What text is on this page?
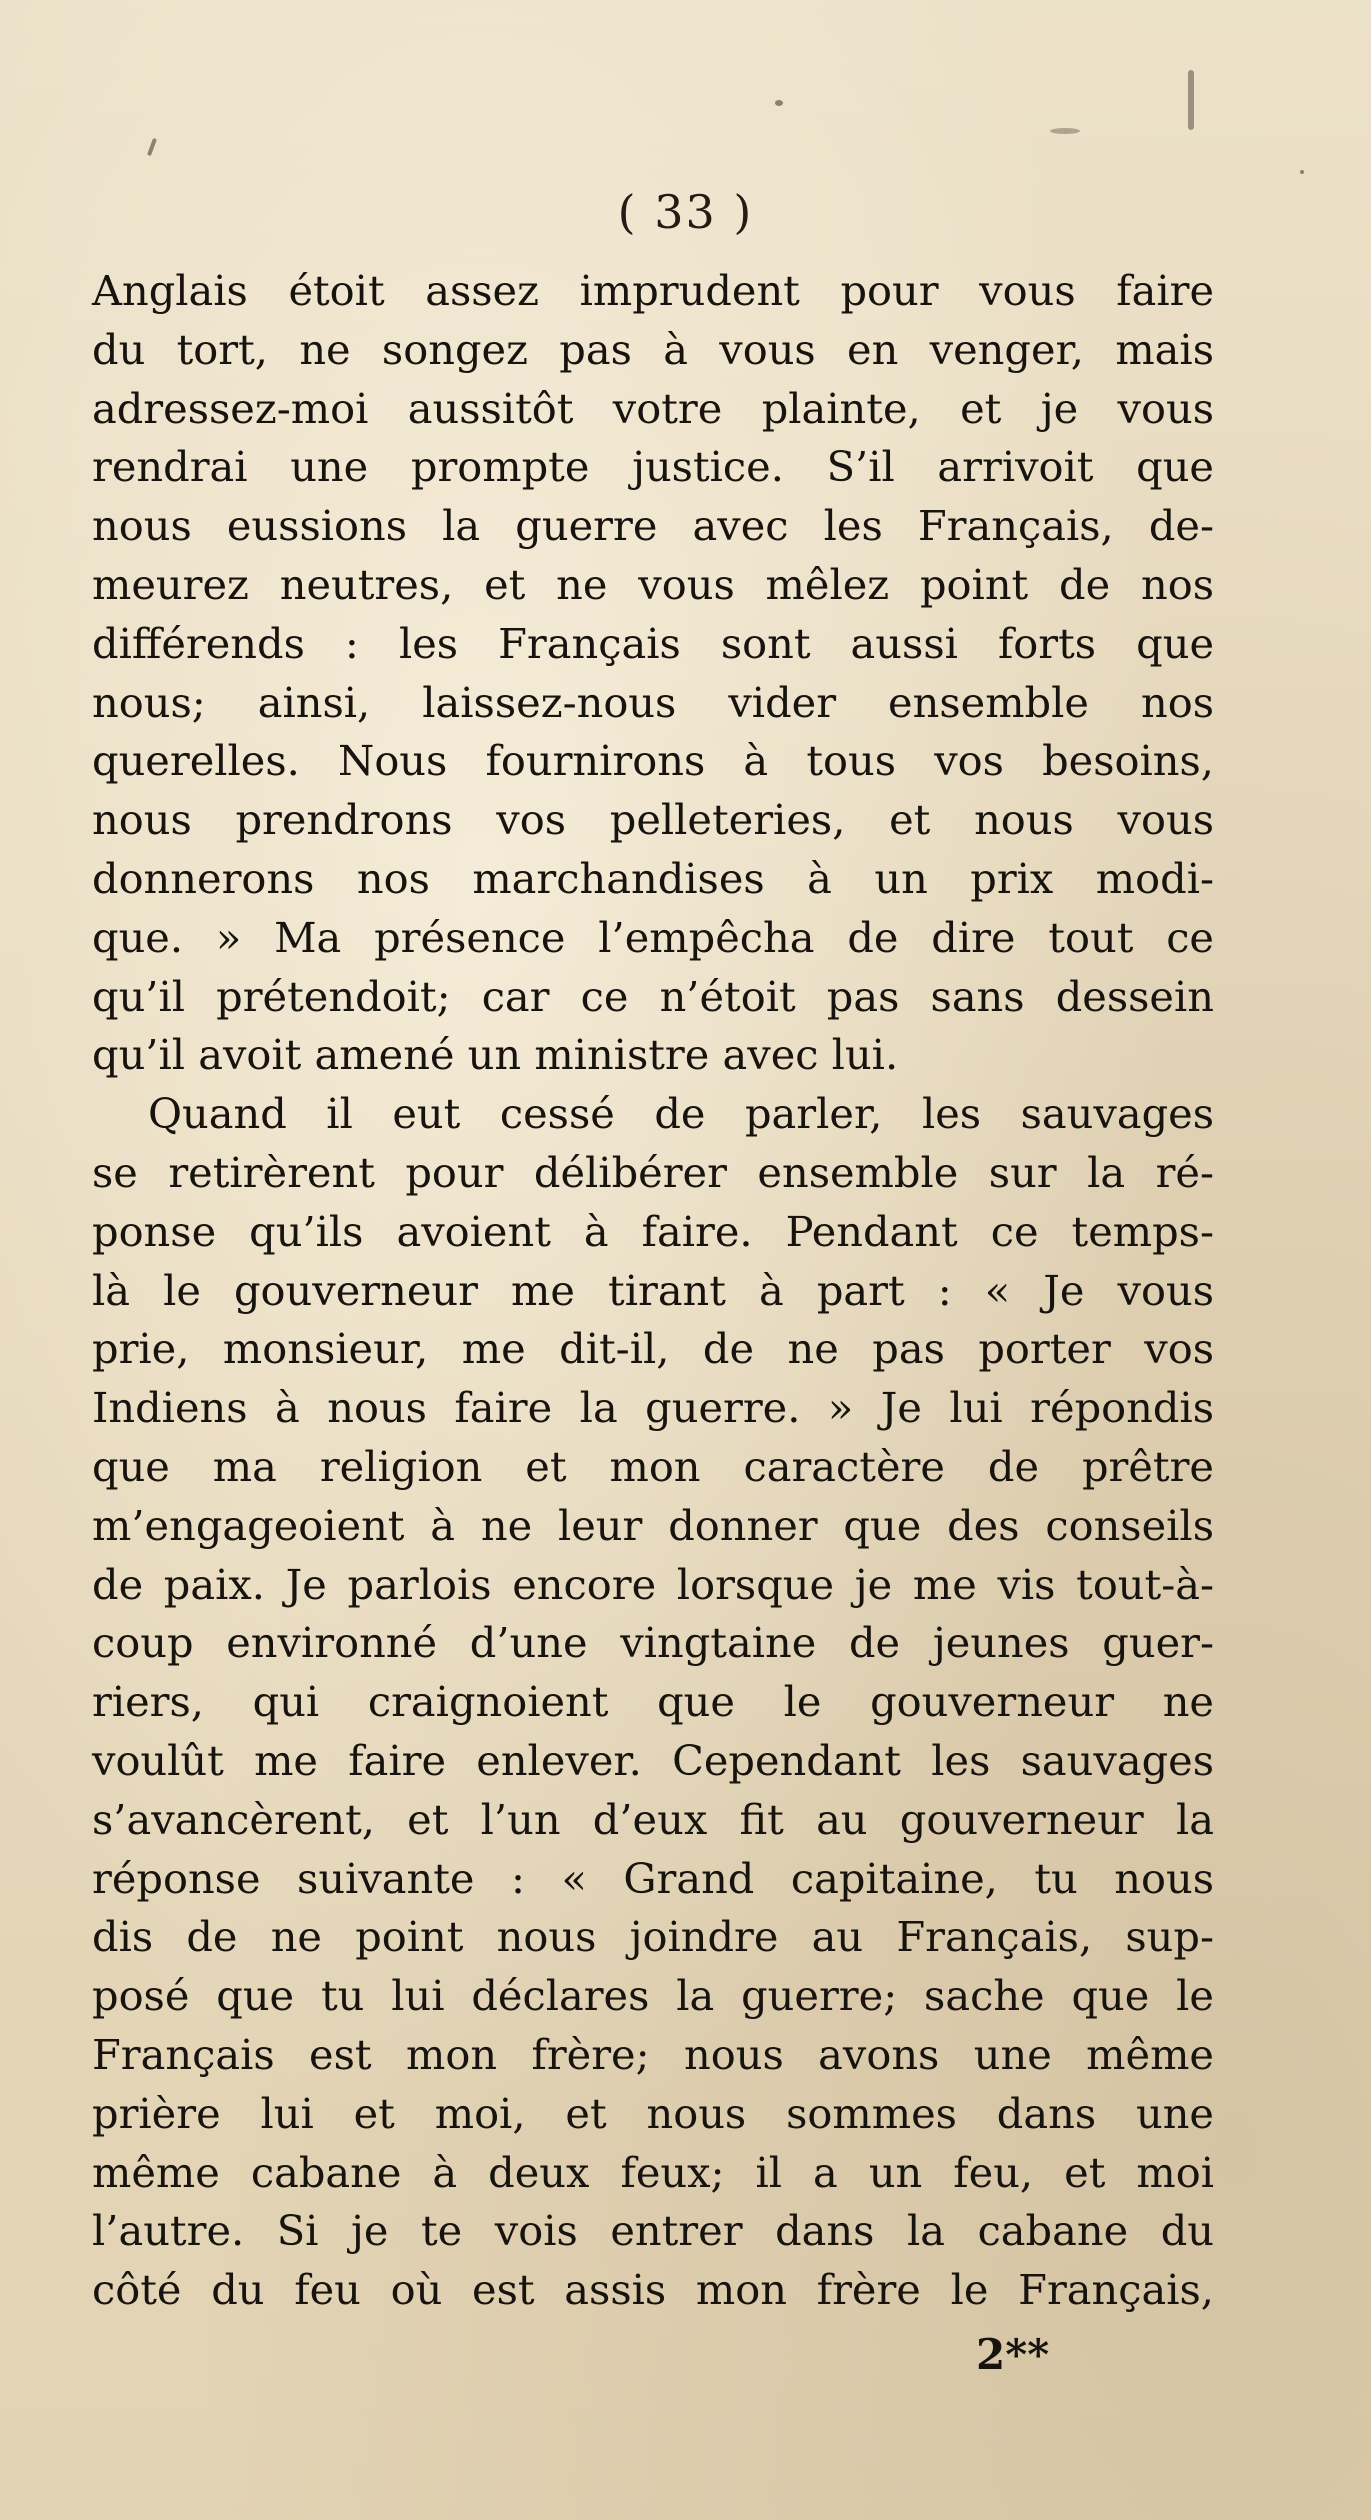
( 33 )
Anglais étoit assez imprudent pour vous faire
du tort, ne songez pas à vous en venger, mais
adressez-moi aussitôt votre plainte, et je vous
rendrai une prompte justice. S’il arrivoit que
nous eussions la guerre avec les Français, de-
meurez neutres, et ne vous mêlez point de nos
différends : les Français sont aussi forts que
nous; ainsi, laissez-nous vider ensemble nos
querelles. Nous fournirons à tous vos besoins,
nous prendrons vos pelleteries, et nous vous
donnerons nos marchandises à un prix modi-
que. » Ma présence l’empêcha de dire tout ce
qu’il prétendoit; car ce n’étoit pas sans dessein
qu’il avoit amené un ministre avec lui.
Quand il eut cessé de parler, les sauvages
se retirèrent pour délibérer ensemble sur la ré-
ponse qu’ils avoient à faire. Pendant ce temps-
là le gouverneur me tirant à part : « Je vous
prie, monsieur, me dit-il, de ne pas porter vos
Indiens à nous faire la guerre. » Je lui répondis
que ma religion et mon caractère de prêtre
m’engageoient à ne leur donner que des conseils
de paix. Je parlois encore lorsque je me vis tout-à-
coup environné d’une vingtaine de jeunes guer-
riers, qui craignoient que le gouverneur ne
voulût me faire enlever. Cependant les sauvages
s’avancèrent, et l’un d’eux fit au gouverneur la
réponse suivante : « Grand capitaine, tu nous
dis de ne point nous joindre au Français, sup-
posé que tu lui déclares la guerre; sache que le
Français est mon frère; nous avons une même
prière lui et moi, et nous sommes dans une
même cabane à deux feux; il a un feu, et moi
l’autre. Si je te vois entrer dans la cabane du
côté du feu où est assis mon frère le Français,
2**
